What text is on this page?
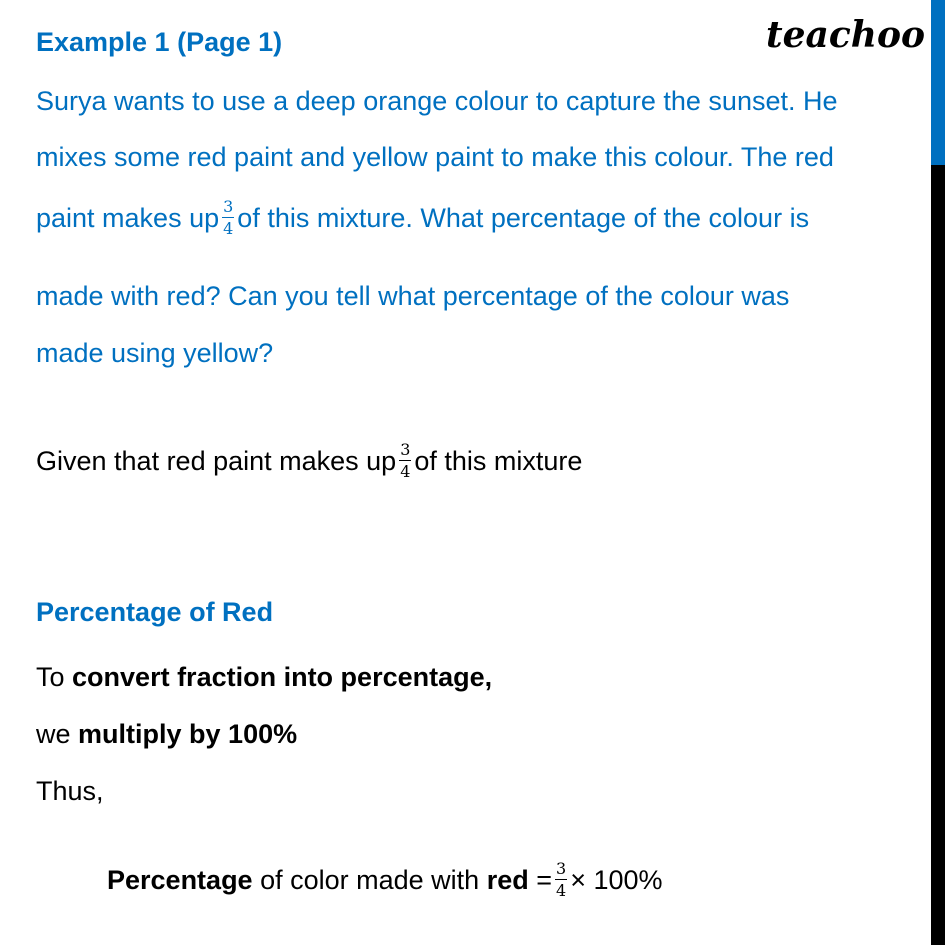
teachoo
Example 1 (Page 1)
Surya wants to use a deep orange colour to capture the sunset. He
mixes some red paint and yellow paint to make this colour. The red
paint makes up $\frac{3}{4}$ of this mixture. What percentage of the colour is
made with red? Can you tell what percentage of the colour was
made using yellow?
Given that red paint makes up $\frac{3}{4}$ of this mixture
Percentage of Red
To convert fraction into percentage,
we multiply by 100%
Thus,
Percentage of color made with red = $\frac{3}{4} \times 100\%$
